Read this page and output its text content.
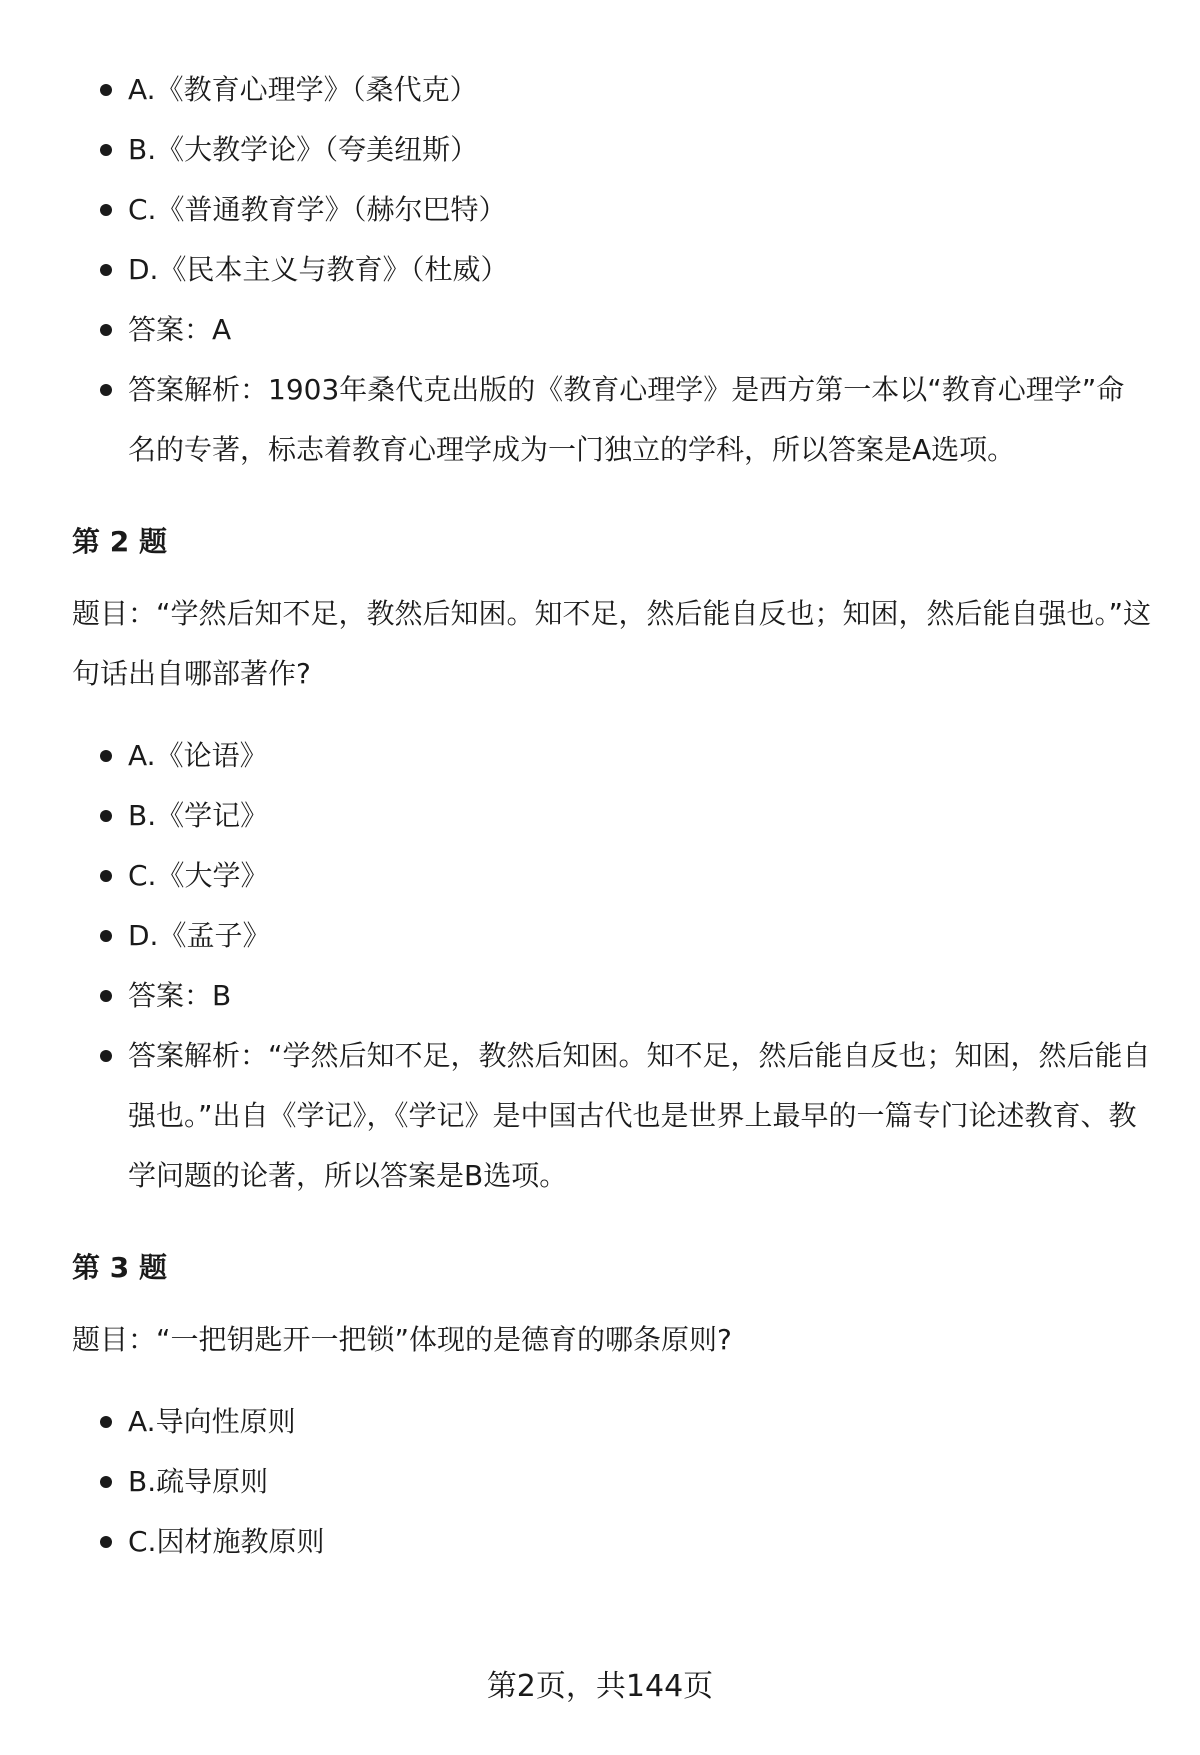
A.《教育心理学》（桑代克）
B.《大教学论》（夸美纽斯）
C.《普通教育学》（赫尔巴特）
D.《民本主义与教育》（杜威）
答案：A
答案解析：1903年桑代克出版的《教育心理学》是西方第一本以“教育心理学”命名的专著，标志着教育心理学成为一门独立的学科，所以答案是A选项。
第 2 题
题目：“学然后知不足，教然后知困。知不足，然后能自反也；知困，然后能自强也。”这句话出自哪部著作?
A.《论语》
B.《学记》
C.《大学》
D.《孟子》
答案：B
答案解析：“学然后知不足，教然后知困。知不足，然后能自反也；知困，然后能自强也。”出自《学记》，《学记》是中国古代也是世界上最早的一篇专门论述教育、教学问题的论著，所以答案是B选项。
第 3 题
题目：“一把钥匙开一把锁”体现的是德育的哪条原则?
A.导向性原则
B.疏导原则
C.因材施教原则
第2页，共144页
